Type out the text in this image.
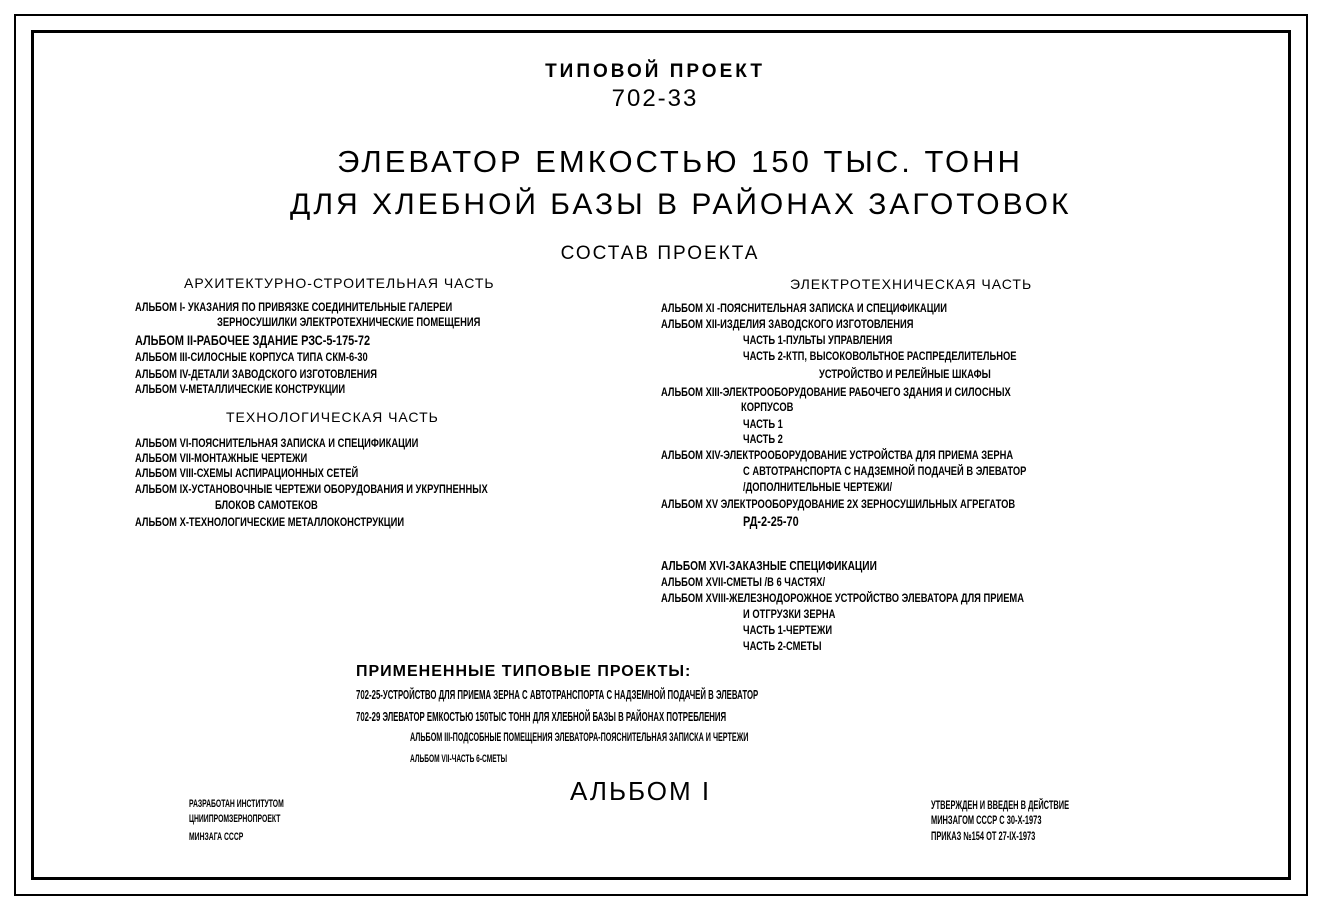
ТИПОВОЙ ПРОЕКТ
702-33
ЭЛЕВАТОР ЕМКОСТЬЮ 150 ТЫС. ТОНН
ДЛЯ ХЛЕБНОЙ БАЗЫ В РАЙОНАХ ЗАГОТОВОК
СОСТАВ ПРОЕКТА
АРХИТЕКТУРНО-СТРОИТЕЛЬНАЯ ЧАСТЬ
АЛЬБОМ I- УКАЗАНИЯ ПО ПРИВЯЗКЕ СОЕДИНИТЕЛЬНЫЕ ГАЛЕРЕИ
ЗЕРНОСУШИЛКИ ЭЛЕКТРОТЕХНИЧЕСКИЕ ПОМЕЩЕНИЯ
АЛЬБОМ II-РАБОЧЕЕ ЗДАНИЕ РЗС-5-175-72
АЛЬБОМ III-СИЛОСНЫЕ КОРПУСА ТИПА СКМ-6-30
АЛЬБОМ IV-ДЕТАЛИ ЗАВОДСКОГО ИЗГОТОВЛЕНИЯ
АЛЬБОМ V-МЕТАЛЛИЧЕСКИЕ КОНСТРУКЦИИ
ТЕХНОЛОГИЧЕСКАЯ ЧАСТЬ
АЛЬБОМ VI-ПОЯСНИТЕЛЬНАЯ ЗАПИСКА И СПЕЦИФИКАЦИИ
АЛЬБОМ VII-МОНТАЖНЫЕ ЧЕРТЕЖИ
АЛЬБОМ VIII-СХЕМЫ АСПИРАЦИОННЫХ СЕТЕЙ
АЛЬБОМ IX-УСТАНОВОЧНЫЕ ЧЕРТЕЖИ ОБОРУДОВАНИЯ И УКРУПНЕННЫХ
БЛОКОВ САМОТЕКОВ
АЛЬБОМ X-ТЕХНОЛОГИЧЕСКИЕ МЕТАЛЛОКОНСТРУКЦИИ
ЭЛЕКТРОТЕХНИЧЕСКАЯ ЧАСТЬ
АЛЬБОМ XI -ПОЯСНИТЕЛЬНАЯ ЗАПИСКА И СПЕЦИФИКАЦИИ
АЛЬБОМ XII-ИЗДЕЛИЯ ЗАВОДСКОГО ИЗГОТОВЛЕНИЯ
ЧАСТЬ 1-ПУЛЬТЫ УПРАВЛЕНИЯ
ЧАСТЬ 2-КТП, ВЫСОКОВОЛЬТНОЕ РАСПРЕДЕЛИТЕЛЬНОЕ
УСТРОЙСТВО И РЕЛЕЙНЫЕ ШКАФЫ
АЛЬБОМ XIII-ЭЛЕКТРООБОРУДОВАНИЕ РАБОЧЕГО ЗДАНИЯ И СИЛОСНЫХ
КОРПУСОВ
ЧАСТЬ 1
ЧАСТЬ 2
АЛЬБОМ XIV-ЭЛЕКТРООБОРУДОВАНИЕ УСТРОЙСТВА ДЛЯ ПРИЕМА ЗЕРНА
С АВТОТРАНСПОРТА С НАДЗЕМНОЙ ПОДАЧЕЙ В ЭЛЕВАТОР
/ДОПОЛНИТЕЛЬНЫЕ ЧЕРТЕЖИ/
АЛЬБОМ XV ЭЛЕКТРООБОРУДОВАНИЕ 2Х ЗЕРНОСУШИЛЬНЫХ АГРЕГАТОВ
РД-2-25-70
АЛЬБОМ XVI-ЗАКАЗНЫЕ СПЕЦИФИКАЦИИ
АЛЬБОМ XVII-СМЕТЫ /В 6 ЧАСТЯХ/
АЛЬБОМ XVIII-ЖЕЛЕЗНОДОРОЖНОЕ УСТРОЙСТВО ЭЛЕВАТОРА ДЛЯ ПРИЕМА
И ОТГРУЗКИ ЗЕРНА
ЧАСТЬ 1-ЧЕРТЕЖИ
ЧАСТЬ 2-СМЕТЫ
ПРИМЕНЕННЫЕ ТИПОВЫЕ ПРОЕКТЫ:
702-25-УСТРОЙСТВО ДЛЯ ПРИЕМА ЗЕРНА С АВТОТРАНСПОРТА С НАДЗЕМНОЙ ПОДАЧЕЙ В ЭЛЕВАТОР
702-29 ЭЛЕВАТОР ЕМКОСТЬЮ 150ТЫС ТОНН ДЛЯ ХЛЕБНОЙ БАЗЫ В РАЙОНАХ ПОТРЕБЛЕНИЯ
АЛЬБОМ III-ПОДСОБНЫЕ ПОМЕЩЕНИЯ ЭЛЕВАТОРА-ПОЯСНИТЕЛЬНАЯ ЗАПИСКА И ЧЕРТЕЖИ
АЛЬБОМ VII-ЧАСТЬ 6-СМЕТЫ
АЛЬБОМ I
РАЗРАБОТАН ИНСТИТУТОМ
ЦНИИПРОМЗЕРНОПРОЕКТ
МИНЗАГА СССР
УТВЕРЖДЕН И ВВЕДЕН В ДЕЙСТВИЕ
МИНЗАГОМ СССР С 30-X-1973
ПРИКАЗ №154 ОТ 27-IX-1973
